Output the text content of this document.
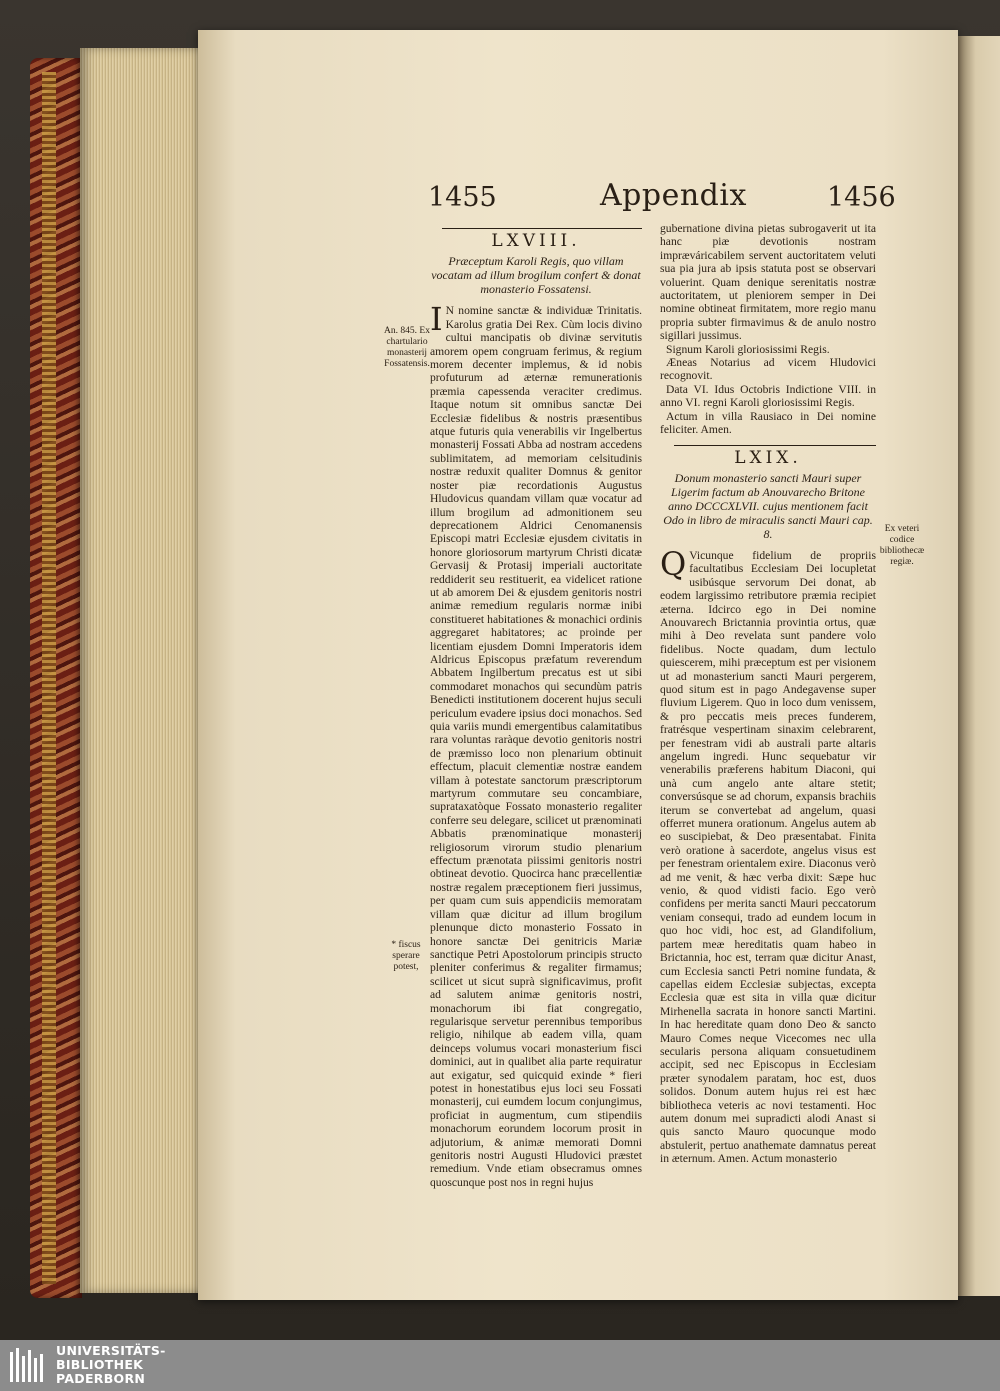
1455	Appendix	1456
LXVIII.
Præceptum Karoli Regis, quo villam vocatam ad illum brogilum confert & donat monasterio Fossatensi.
I N nomine sanctæ & individuæ Trinitatis. Karolus gratia Dei Rex. Cùm locis divino cultui mancipatis ob divinæ servitutis amorem opem congruam ferimus, & regium morem decenter implemus, & id nobis profuturum ad æternæ remunerationis præmia capessenda veraciter credimus. Itaque notum sit omnibus sanctæ Dei Ecclesiæ fidelibus & nostris præsentibus atque futuris quia venerabilis vir Ingelbertus monasterij Fossati Abba ad nostram accedens sublimitatem, ad memoriam celsitudinis nostræ reduxit qualiter Domnus & genitor noster piæ recordationis Augustus Hludovicus quandam villam quæ vocatur ad illum brogilum ad admonitionem seu deprecationem Aldrici Cenomanensis Episcopi matri Ecclesiæ ejusdem civitatis in honore gloriosorum martyrum Christi dicatæ Gervasij & Protasij imperiali auctoritate reddiderit seu restituerit, ea videlicet ratione ut ab amorem Dei & ejusdem genitoris nostri animæ remedium regularis normæ inibi constitueret habitationes & monachici ordinis aggregaret habitatores; ac proinde per licentiam ejusdem Domni Imperatoris idem Aldricus Episcopus præfatum reverendum Abbatem Ingilbertum precatus est ut sibi commodaret monachos qui secundùm patris Benedicti institutionem docerent hujus seculi periculum evadere ipsius doci monachos. Sed quia variis mundi emergentibus calamitatibus rara voluntas raràque devotio genitoris nostri de præmisso loco non plenarium obtinuit effectum, placuit clementiæ nostræ eandem villam à potestate sanctorum præscriptorum martyrum commutare seu concambiare, suprataxatòque Fossato monasterio regaliter conferre seu delegare, scilicet ut prænominati Abbatis prænominatique monasterij religiosorum virorum studio plenarium effectum prænotata piissimi genitoris nostri obtineat devotio. Quocirca hanc præcellentiæ nostræ regalem præceptionem fieri jussimus, per quam cum suis appendiciis memoratam villam quæ dicitur ad illum brogilum plenunque dicto monasterio Fossato in honore sanctæ Dei genitricis Mariæ sanctique Petri Apostolorum principis structo pleniter conferimus & regaliter firmamus; scilicet ut sicut suprà significavimus, profit ad salutem animæ genitoris nostri, monachorum ibi fiat congregatio, regularisque servetur perennibus temporibus religio, nihilque ab eadem villa, quam deinceps volumus vocari monasterium fisci dominici, aut in qualibet alia parte requiratur aut exigatur, sed quicquid exinde * fieri potest in honestatibus ejus loci seu Fossati monasterij, cui eumdem locum conjungimus, proficiat in augmentum, cum stipendiis monachorum eorundem locorum prosit in adjutorium, & animæ memorati Domni genitoris nostri Augusti Hludovici præstet remedium. Vnde etiam obsecramus omnes quoscunque post nos in regni hujus
An. 845. Ex chartulario monasterij Fossatensis.
* fiscus sperare potest,

gubernatione divina pietas subrogaverit ut ita hanc piæ devotionis nostram impræváricabilem servent auctoritatem veluti sua pia jura ab ipsis statuta post se observari voluerint. Quam denique serenitatis nostræ auctoritatem, ut pleniorem semper in Dei nomine obtineat firmitatem, more regio manu propria subter firmavimus & de anulo nostro sigillari jussimus.

Signum Karoli gloriosissimi Regis.

Æneas Notarius ad vicem Hludovici recognovit.

Data VI. Idus Octobris Indictione VIII. in anno VI. regni Karoli gloriosissimi Regis.

Actum in villa Rausiaco in Dei nomine feliciter. Amen.

LXIX.
Donum monasterio sancti Mauri super Ligerim factum ab Anouvarecho Britone anno DCCCXLVII. cujus mentionem facit Odo in libro de miraculis sancti Mauri cap. 8.
Q Vicunque fidelium de propriis facultatibus Ecclesiam Dei locupletat usibúsque servorum Dei donat, ab eodem largissimo retributore præmia recipiet æterna. Idcirco ego in Dei nomine Anouvarech Brictannia provintia ortus, quæ mihi à Deo revelata sunt pandere volo fidelibus. Nocte quadam, dum lectulo quiescerem, mihi præceptum est per visionem ut ad monasterium sancti Mauri pergerem, quod situm est in pago Andegavense super fluvium Ligerem. Quo in loco dum venissem, & pro peccatis meis preces funderem, fratrésque vespertinam sinaxim celebrarent, per fenestram vidi ab australi parte altaris angelum ingredi. Hunc sequebatur vir venerabilis præferens habitum Diaconi, qui unà cum angelo ante altare stetit; conversúsque se ad chorum, expansis brachiis iterum se convertebat ad angelum, quasi offerret munera orationum. Angelus autem ab eo suscipiebat, & Deo præsentabat. Finita verò oratione à sacerdote, angelus visus est per fenestram orientalem exire. Diaconus verò ad me venit, & hæc verba dixit: Sæpe huc venio, & quod vidisti facio. Ego verò confidens per merita sancti Mauri peccatorum veniam consequi, trado ad eundem locum in quo hoc vidi, hoc est, ad Glandifolium, partem meæ hereditatis quam habeo in Brictannia, hoc est, terram quæ dicitur Anast, cum Ecclesia sancti Petri nomine fundata, & capellas eidem Ecclesiæ subjectas, excepta Ecclesia quæ est sita in villa quæ dicitur Mirhenella sacrata in honore sancti Martini. In hac hereditate quam dono Deo & sancto Mauro Comes neque Vicecomes nec ulla secularis persona aliquam consuetudinem accipit, sed nec Episcopus in Ecclesiam præter synodalem paratam, hoc est, duos solidos. Donum autem hujus rei est hæc bibliotheca veteris ac novi testamenti. Hoc autem donum mei supradicti alodi Anast si quis sancto Mauro quocunque modo abstulerit, pertuo anathemate damnatus pereat in æternum. Amen. Actum monasterio
Ex veteri codice bibliothecæ regiæ.
UNIVERSITÄTS-
BIBLIOTHEK
PADERBORN
